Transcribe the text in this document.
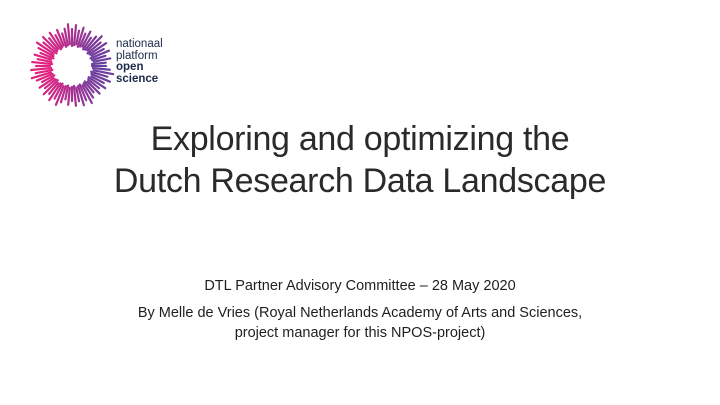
nationaal
platform
open
science
Exploring and optimizing the
Dutch Research Data Landscape
DTL Partner Advisory Committee – 28 May 2020
By Melle de Vries (Royal Netherlands Academy of Arts and Sciences,
project manager for this NPOS-project)
